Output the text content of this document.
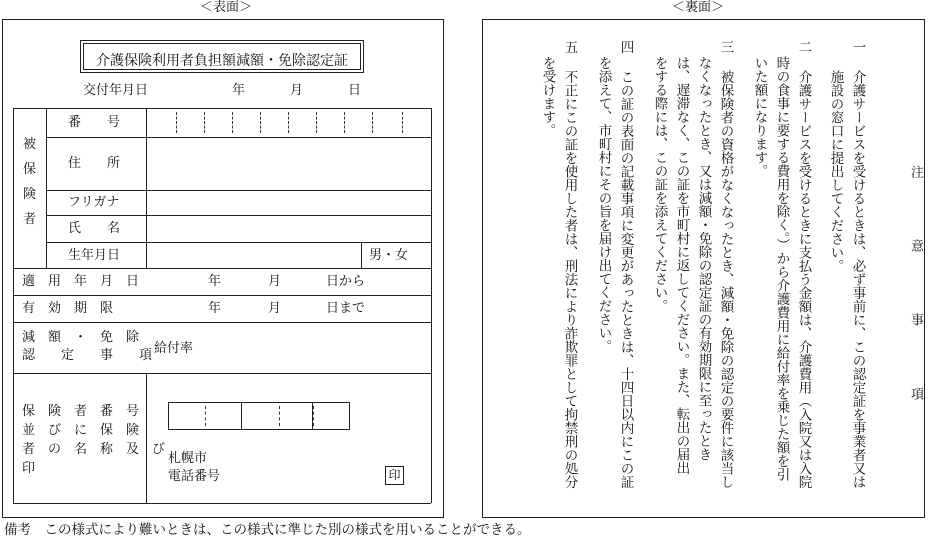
＜表面＞	＜裏面＞
介護保険利用者負担額減額・免除認定証
交付年月日	年	月	日
被
保
険
者
番　　号
住　　所
フリガナ
氏　　名
生年月日	男・女
適　用　年　月　日	年	月	日から
有　効　期　限	年	月	日まで
減　額　・　免　除
認　　定　　事　　項 給付率
保　険　者　番　号
並　び　に　保　険
者　の　名　称　及　び
印
札幌市
電話番号	印
注　意　事　項
一
介護サービスを受けるときは、必ず事前に、この認定証を事業者又は
施設の窓口に提出してください。
二
介護サービスを受けるときに支払う金額は、介護費用（入院又は入院
時の食事に要する費用を除く。）から介護費用に給付率を乗じた額を引
いた額になります。
三
被保険者の資格がなくなったとき、減額・免除の認定の要件に該当し
なくなったとき、又は減額・免除の認定証の有効期限に至ったとき
は、遅滞なく、この証を市町村に返してください。また、転出の届出
をする際には、この証を添えてください。
四
この証の表面の記載事項に変更があったときは、十四日以内にこの証
を添えて、市町村にその旨を届け出てください。
五
不正にこの証を使用した者は、刑法により詐欺罪として拘禁刑の処分
を受けます。
備考　この様式により難いときは、この様式に準じた別の様式を用いることができる。
